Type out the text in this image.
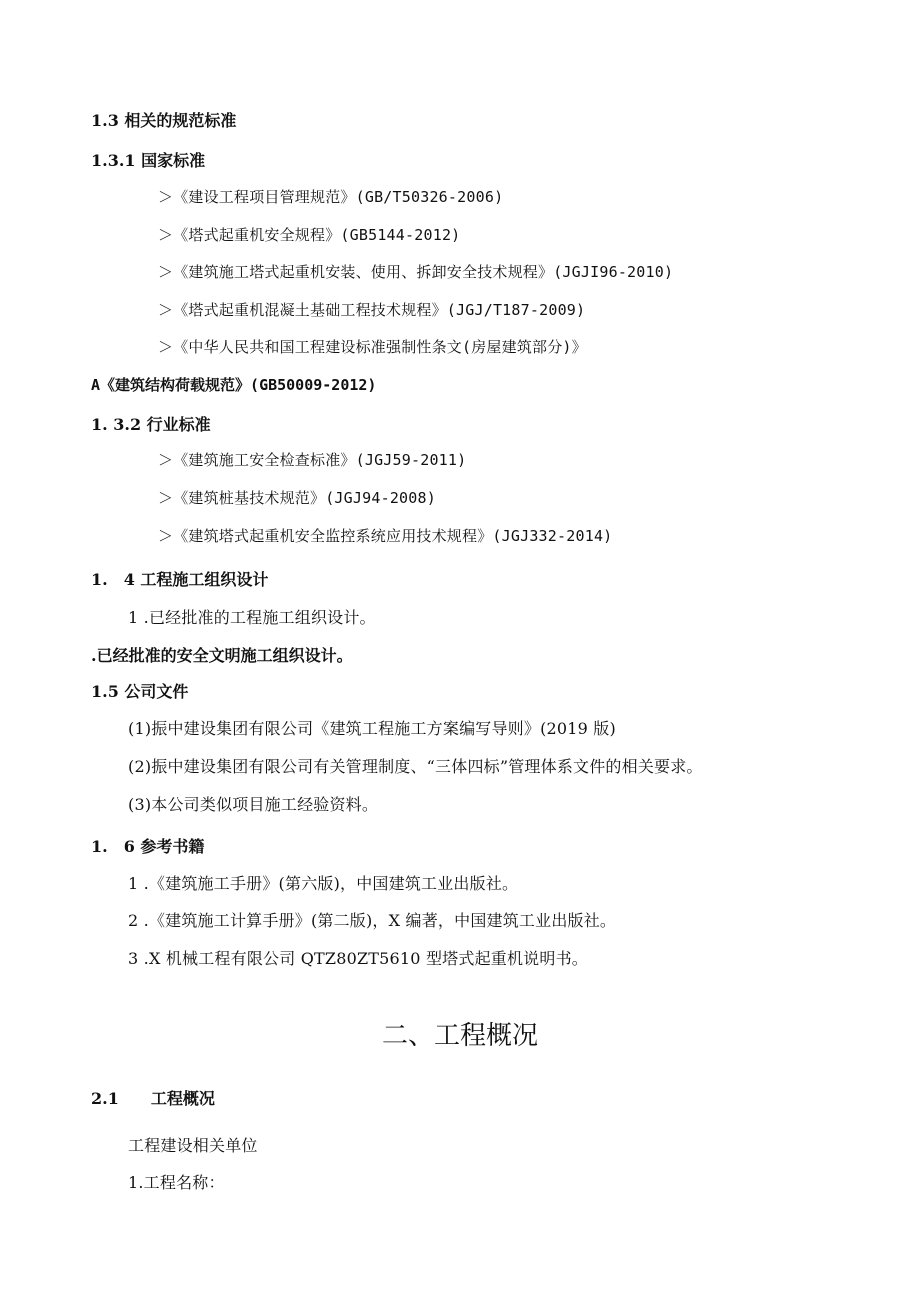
1.3 相关的规范标准
1.3.1 国家标准
＞《建设工程项目管理规范》(GB/T50326-2006)
＞《塔式起重机安全规程》(GB5144-2012)
＞《建筑施工塔式起重机安装、使用、拆卸安全技术规程》(JGJI96-2010)
＞《塔式起重机混凝土基础工程技术规程》(JGJ/T187-2009)
＞《中华人民共和国工程建设标准强制性条文(房屋建筑部分)》
A《建筑结构荷载规范》(GB50009-2012)
1. 3.2 行业标准
＞《建筑施工安全检查标准》(JGJ59-2011)
＞《建筑桩基技术规范》(JGJ94-2008)
＞《建筑塔式起重机安全监控系统应用技术规程》(JGJ332-2014)
1.　4 工程施工组织设计
1 .已经批准的工程施工组织设计。
.已经批准的安全文明施工组织设计。
1.5 公司文件
(1)振中建设集团有限公司《建筑工程施工方案编写导则》(2019 版)
(2)振中建设集团有限公司有关管理制度、“三体四标”管理体系文件的相关要求。
(3)本公司类似项目施工经验资料。
1.　6 参考书籍
1 .《建筑施工手册》(第六版)，中国建筑工业出版社。
2 .《建筑施工计算手册》(第二版)，X 编著，中国建筑工业出版社。
3 .X 机械工程有限公司 QTZ80ZT5610 型塔式起重机说明书。
二、工程概况
2.1　　工程概况
工程建设相关单位
1.工程名称：
